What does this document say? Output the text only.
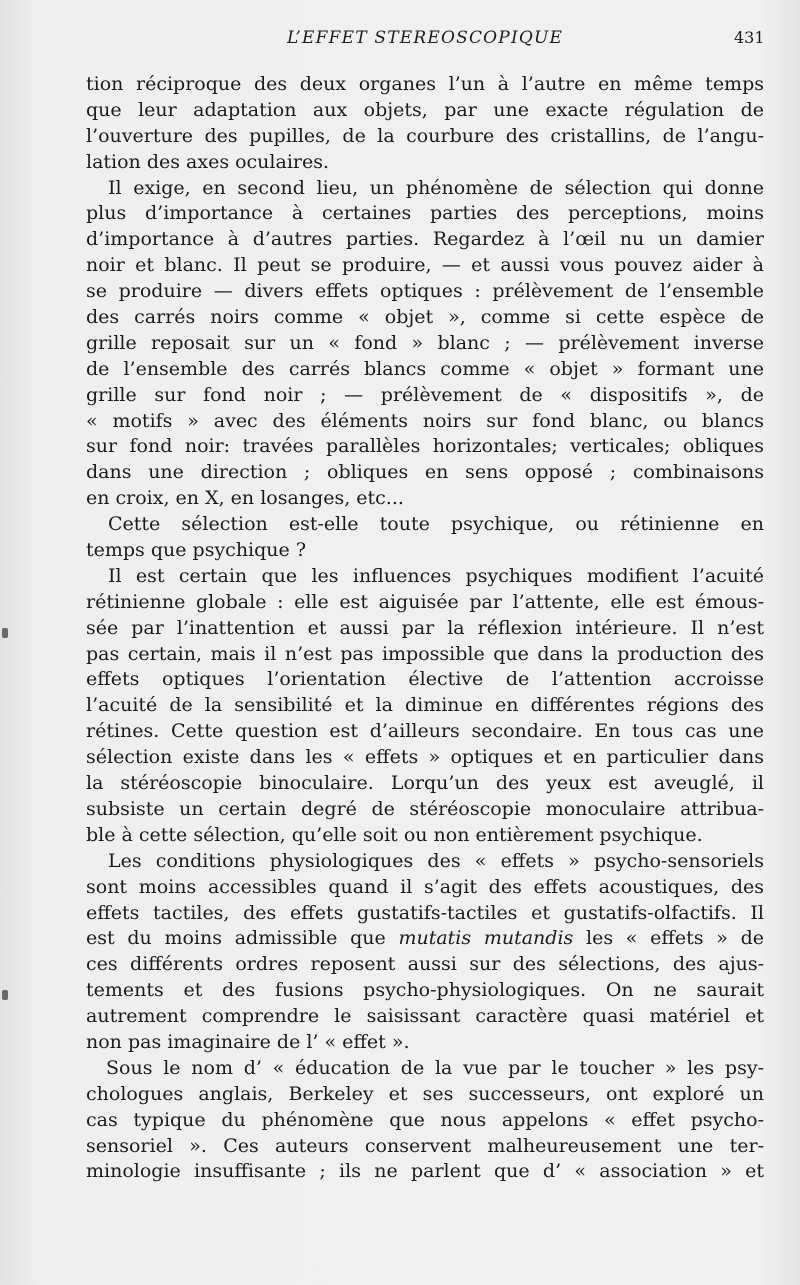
L’EFFET STEREOSCOPIQUE	431
tion réciproque des deux organes l’un à l’autre en même temps
que leur adaptation aux objets, par une exacte régulation de
l’ouverture des pupilles, de la courbure des cristallins, de l’angu-
lation des axes oculaires.
Il exige, en second lieu, un phénomène de sélection qui donne
plus d’importance à certaines parties des perceptions, moins
d’importance à d’autres parties. Regardez à l’œil nu un damier
noir et blanc. Il peut se produire, — et aussi vous pouvez aider à
se produire — divers effets optiques : prélèvement de l’ensemble
des carrés noirs comme « objet », comme si cette espèce de
grille reposait sur un « fond » blanc ; — prélèvement inverse
de l’ensemble des carrés blancs comme « objet » formant une
grille sur fond noir ; — prélèvement de « dispositifs », de
« motifs » avec des éléments noirs sur fond blanc, ou blancs
sur fond noir: travées parallèles horizontales; verticales; obliques
dans une direction ; obliques en sens opposé ; combinaisons
en croix, en X, en losanges, etc...
Cette sélection est-elle toute psychique, ou rétinienne en
temps que psychique ?
Il est certain que les influences psychiques modifient l’acuité
rétinienne globale : elle est aiguisée par l’attente, elle est émous-
sée par l’inattention et aussi par la réflexion intérieure. Il n’est
pas certain, mais il n’est pas impossible que dans la production des
effets optiques l’orientation élective de l’attention accroisse
l’acuité de la sensibilité et la diminue en différentes régions des
rétines. Cette question est d’ailleurs secondaire. En tous cas une
sélection existe dans les « effets » optiques et en particulier dans
la stéréoscopie binoculaire. Lorqu’un des yeux est aveuglé, il
subsiste un certain degré de stéréoscopie monoculaire attribua-
ble à cette sélection, qu’elle soit ou non entièrement psychique.
Les conditions physiologiques des « effets » psycho-sensoriels
sont moins accessibles quand il s’agit des effets acoustiques, des
effets tactiles, des effets gustatifs-tactiles et gustatifs-olfactifs. Il
est du moins admissible que mutatis mutandis les « effets » de
ces différents ordres reposent aussi sur des sélections, des ajus-
tements et des fusions psycho-physiologiques. On ne saurait
autrement comprendre le saisissant caractère quasi matériel et
non pas imaginaire de l’ « effet ».
Sous le nom d’ « éducation de la vue par le toucher » les psy-
chologues anglais, Berkeley et ses successeurs, ont exploré un
cas typique du phénomène que nous appelons « effet psycho-
sensoriel ». Ces auteurs conservent malheureusement une ter-
minologie insuffisante ; ils ne parlent que d’ « association » et
